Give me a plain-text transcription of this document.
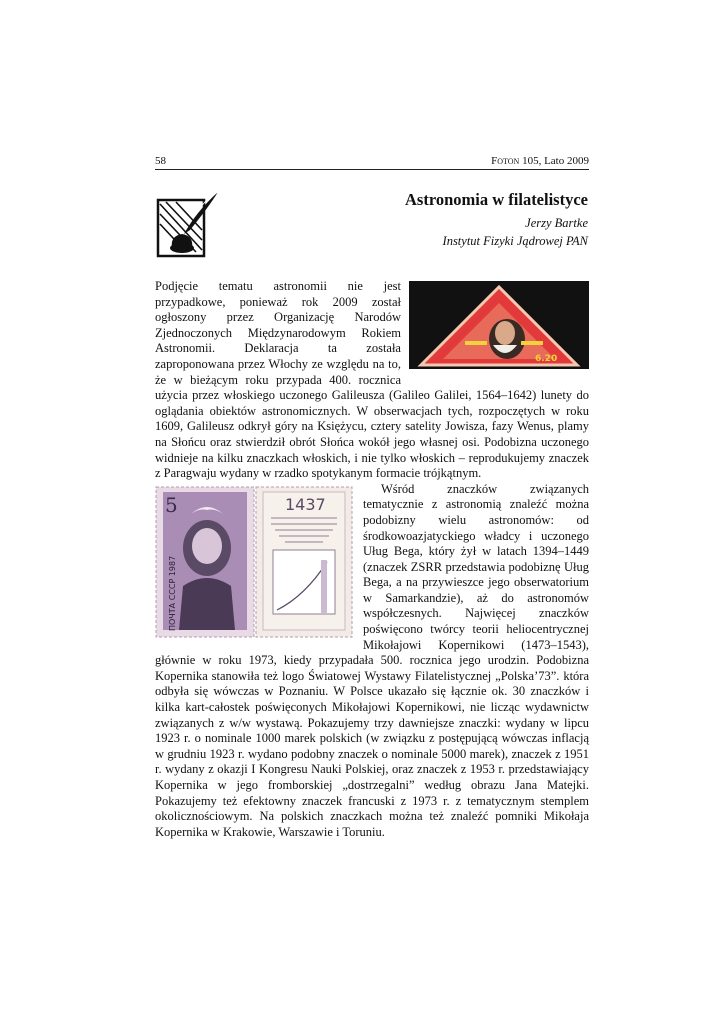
58	Foton 105, Lato 2009
Astronomia w filatelistyce
Jerzy Bartke
Instytut Fizyki Jądrowej PAN
6.20

Podjęcie tematu astronomii nie jest przypadkowe, ponieważ rok 2009 został ogłoszony przez Organizację Narodów Zjednoczonych Międzynarodowym Rokiem Astronomii. Deklaracja ta została zaproponowana przez Włochy ze względu na to, że w bieżącym roku przypada 400. rocznica użycia przez włoskiego uczonego Galileusza (Galileo Galilei, 1564–1642) lunety do oglądania obiektów astronomicznych. W obserwacjach tych, rozpoczętych w roku 1609, Galileusz odkrył góry na Księżycu, cztery satelity Jowisza, fazy Wenus, plamy na Słońcu oraz stwierdził obrót Słońca wokół jego własnej osi. Podobizna uczonego widnieje na kilku znaczkach włoskich, i nie tylko włoskich – reprodukujemy znaczek z Paragwaju wydany w rzadko spotykanym formacie trójkątnym.

5
ПОЧТА СССР 1987
1437

Wśród znaczków związanych tematycznie z astronomią znaleźć można podobizny wielu astronomów: od środkowoazjatyckiego władcy i uczonego Uług Bega, który żył w latach 1394–1449 (znaczek ZSRR przedstawia podobiznę Uług Bega, a na przywieszce jego obserwatorium w Samarkandzie), aż do astronomów współczesnych. Najwięcej znaczków poświęcono twórcy teorii heliocentrycznej Mikołajowi Kopernikowi (1473–1543), głównie w roku 1973, kiedy przypadała 500. rocznica jego urodzin. Podobizna Kopernika stanowiła też logo Światowej Wystawy Filatelistycznej „Polska’73”. która odbyła się wówczas w Poznaniu. W Polsce ukazało się łącznie ok. 30 znaczków i kilka kart-całostek poświęconych Mikołajowi Kopernikowi, nie licząc wydawnictw związanych z w/w wystawą. Pokazujemy trzy dawniejsze znaczki: wydany w lipcu 1923 r. o nominale 1000 marek polskich (w związku z postępującą wówczas inflacją w grudniu 1923 r. wydano podobny znaczek o nominale 5000 marek), znaczek z 1951 r. wydany z okazji I Kongresu Nauki Polskiej, oraz znaczek z 1953 r. przedstawiający Kopernika w jego fromborskiej „dostrzegalni” według obrazu Jana Matejki. Pokazujemy też efektowny znaczek francuski z 1973 r. z tematycznym stemplem okolicznościowym. Na polskich znaczkach można też znaleźć pomniki Mikołaja Kopernika w Krakowie, Warszawie i Toruniu.
